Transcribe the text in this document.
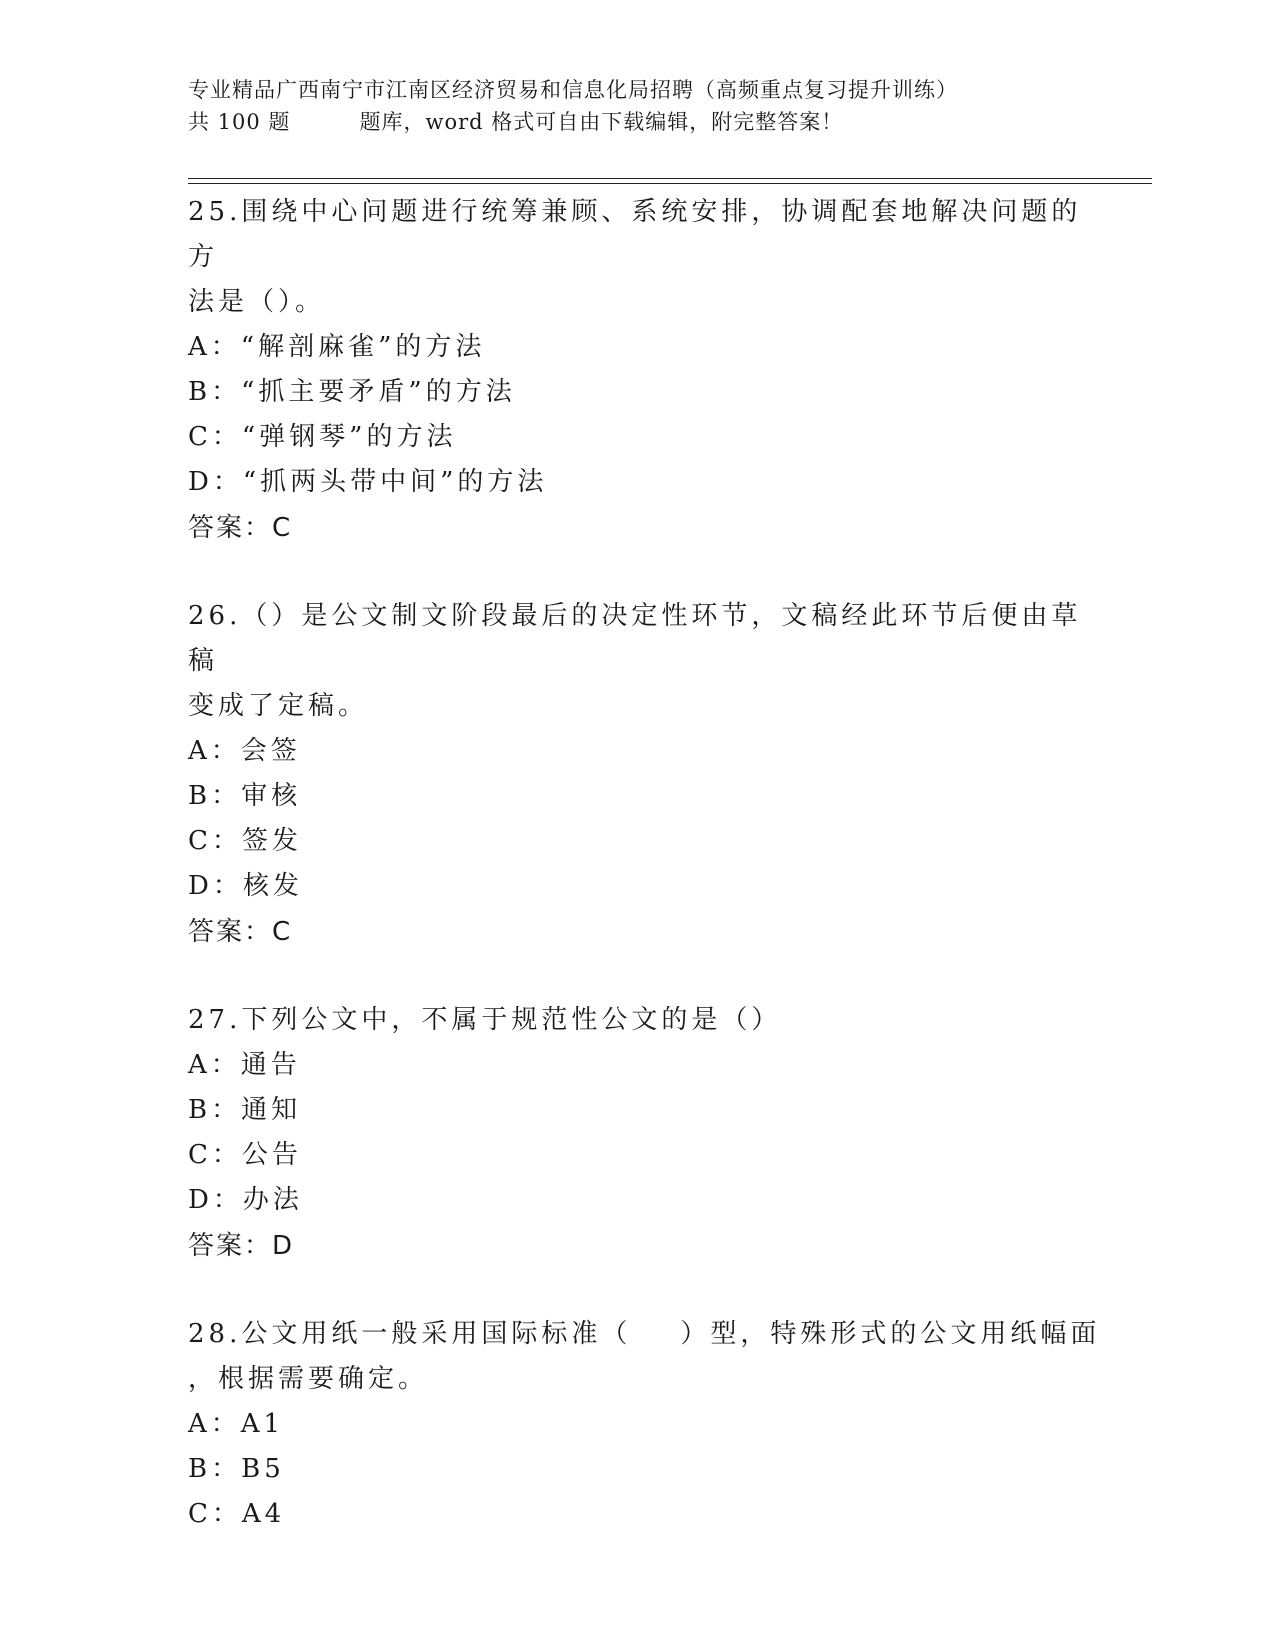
专业精品广西南宁市江南区经济贸易和信息化局招聘（高频重点复习提升训练）
共 100 题         题库，word 格式可自由下载编辑，附完整答案！
25.围绕中心问题进行统筹兼顾、系统安排，协调配套地解决问题的方
法是（）。
A：“解剖麻雀”的方法
B：“抓主要矛盾”的方法
C：“弹钢琴”的方法
D：“抓两头带中间”的方法
答案：C
26.（）是公文制文阶段最后的决定性环节，文稿经此环节后便由草稿
变成了定稿。
A：会签
B：审核
C：签发
D：核发
答案：C
27.下列公文中，不属于规范性公文的是（）
A：通告
B：通知
C：公告
D：办法
答案：D
28.公文用纸一般采用国际标准（    ）型，特殊形式的公文用纸幅面
，根据需要确定。
A：A1
B：B5
C：A4
